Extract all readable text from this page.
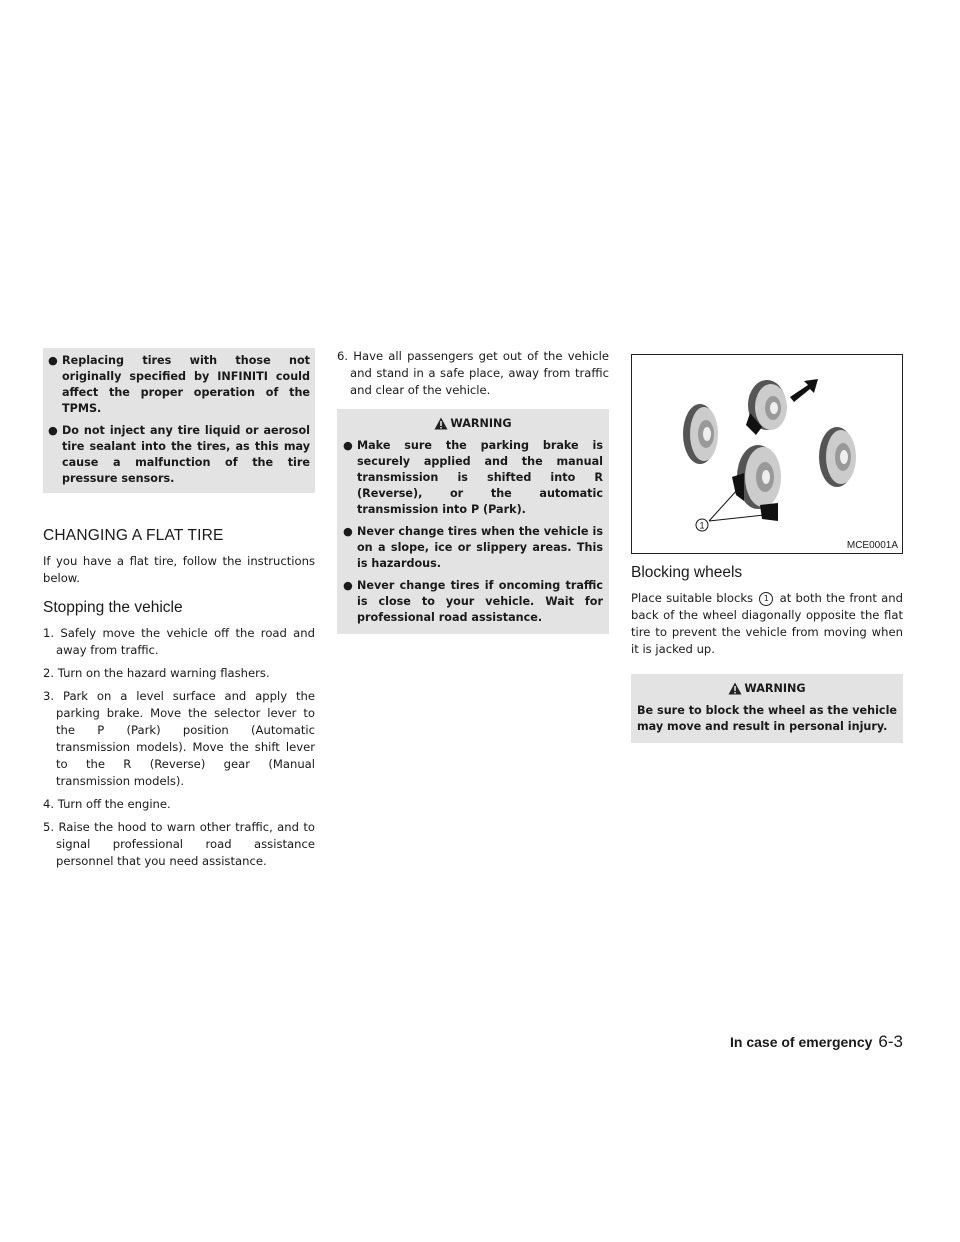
● Replacing tires with those not originally specified by INFINITI could affect the proper operation of the TPMS.
● Do not inject any tire liquid or aerosol tire sealant into the tires, as this may cause a malfunction of the tire pressure sensors.
CHANGING A FLAT TIRE

If you have a flat tire, follow the instructions below.

Stopping the vehicle
1. Safely move the vehicle off the road and away from traffic.
2. Turn on the hazard warning flashers.
3. Park on a level surface and apply the parking brake. Move the selector lever to the P (Park) position (Automatic transmission models). Move the shift lever to the R (Reverse) gear (Manual transmission models).
4. Turn off the engine.
5. Raise the hood to warn other traffic, and to signal professional road assistance personnel that you need assistance.
6. Have all passengers get out of the vehicle and stand in a safe place, away from traffic and clear of the vehicle.
WARNING
● Make sure the parking brake is securely applied and the manual transmission is shifted into R (Reverse), or the automatic transmission into P (Park).
● Never change tires when the vehicle is on a slope, ice or slippery areas. This is hazardous.
● Never change tires if oncoming traffic is close to your vehicle. Wait for professional road assistance.
1
MCE0001A
Blocking wheels

Place suitable blocks 1 at both the front and back of the wheel diagonally opposite the flat tire to prevent the vehicle from moving when it is jacked up.

WARNING

Be sure to block the wheel as the vehicle may move and result in personal injury.

In case of emergency 6-3
